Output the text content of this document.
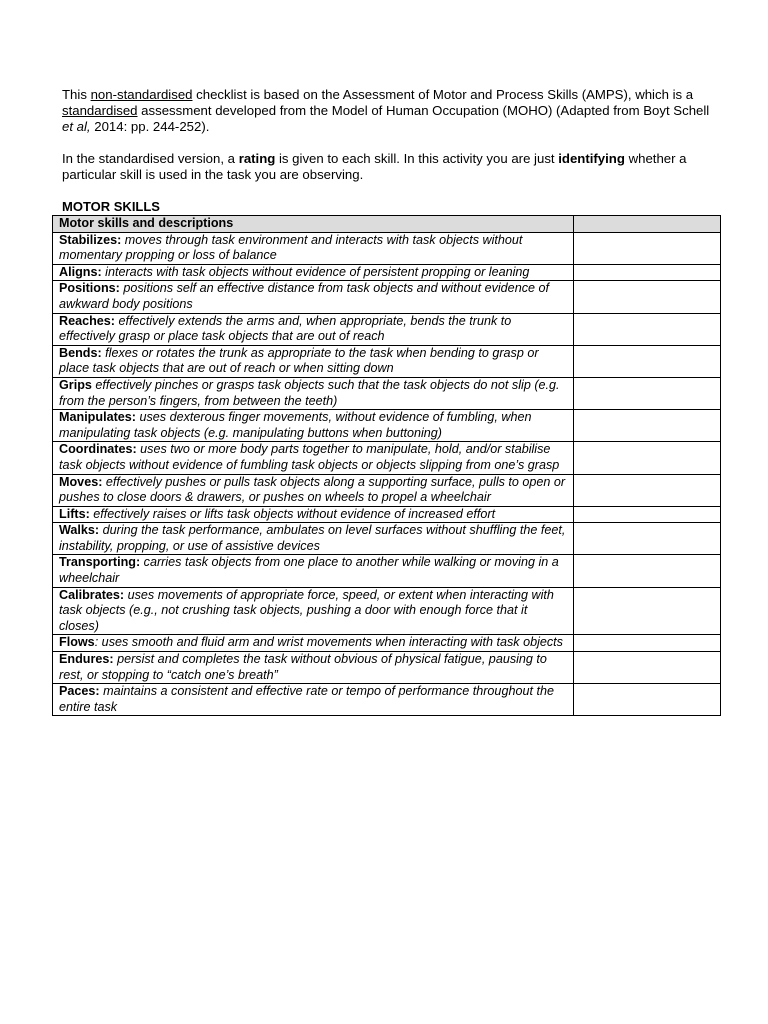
This non-standardised checklist is based on the Assessment of Motor and Process Skills (AMPS), which is a standardised assessment developed from the Model of Human Occupation (MOHO) (Adapted from Boyt Schell et al, 2014: pp. 244-252).

In the standardised version, a rating is given to each skill. In this activity you are just identifying whether a particular skill is used in the task you are observing.

MOTOR SKILLS
Motor skills and descriptions	
Stabilizes: moves through task environment and interacts with task objects without momentary propping or loss of balance	
Aligns: interacts with task objects without evidence of persistent propping or leaning	
Positions: positions self an effective distance from task objects and without evidence of awkward body positions	
Reaches: effectively extends the arms and, when appropriate, bends the trunk to effectively grasp or place task objects that are out of reach	
Bends: flexes or rotates the trunk as appropriate to the task when bending to grasp or place task objects that are out of reach or when sitting down	
Grips effectively pinches or grasps task objects such that the task objects do not slip (e.g. from the person’s fingers, from between the teeth)	
Manipulates: uses dexterous finger movements, without evidence of fumbling, when manipulating task objects (e.g. manipulating buttons when buttoning)	
Coordinates: uses two or more body parts together to manipulate, hold, and/or stabilise task objects without evidence of fumbling task objects or objects slipping from one’s grasp	
Moves: effectively pushes or pulls task objects along a supporting surface, pulls to open or pushes to close doors & drawers, or pushes on wheels to propel a wheelchair	
Lifts: effectively raises or lifts task objects without evidence of increased effort	
Walks: during the task performance, ambulates on level surfaces without shuffling the feet, instability, propping, or use of assistive devices	
Transporting: carries task objects from one place to another while walking or moving in a wheelchair	
Calibrates: uses movements of appropriate force, speed, or extent when interacting with task objects (e.g., not crushing task objects, pushing a door with enough force that it closes)	
Flows: uses smooth and fluid arm and wrist movements when interacting with task objects	
Endures: persist and completes the task without obvious of physical fatigue, pausing to rest, or stopping to “catch one’s breath”	
Paces: maintains a consistent and effective rate or tempo of performance throughout the entire task	
